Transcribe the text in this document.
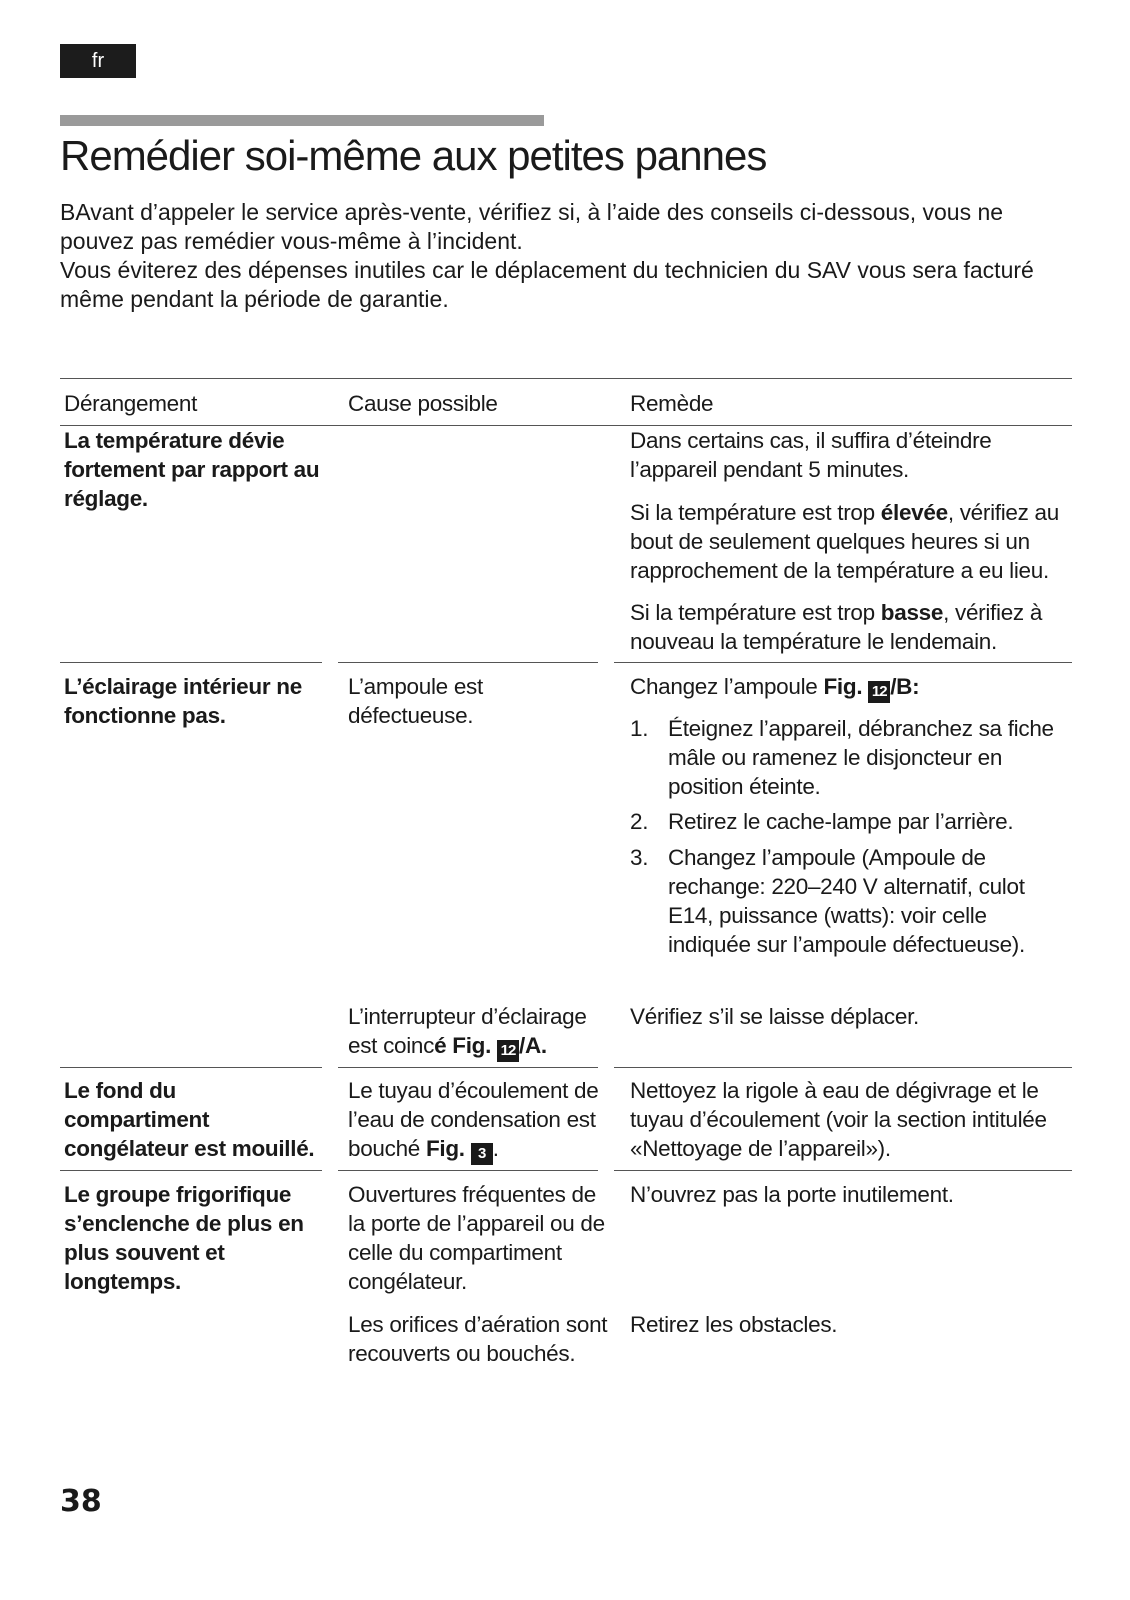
fr
Remédier soi-même aux petites pannes

BAvant d’appeler le service après-vente, vérifiez si, à l’aide des conseils ci-dessous, vous ne pouvez pas remédier vous-même à l’incident.

Vous éviterez des dépenses inutiles car le déplacement du technicien du SAV vous sera facturé même pendant la période de garantie.

Dérangement	Cause possible	Remède
La température dévie fortement par rapport au réglage.
Dans certains cas, il suffira d’éteindre l’appareil pendant 5 minutes.
Si la température est trop élevée, vérifiez au bout de seulement quelques heures si un rapprochement de la température a eu lieu.
Si la température est trop basse, vérifiez à nouveau la température le lendemain.
L’éclairage intérieur ne fonctionne pas.
L’ampoule est défectueuse.
Changez l’ampoule Fig. 12 /B:
1. Éteignez l’appareil, débranchez sa fiche mâle ou ramenez le disjoncteur en position éteinte.
2. Retirez le cache-lampe par l’arrière.
3. Changez l’ampoule (Ampoule de rechange: 220–240 V alternatif, culot E14, puissance (watts): voir celle indiquée sur l’ampoule défectueuse).
L’interrupteur d’éclairage est coincé Fig. 12 /A.
Vérifiez s’il se laisse déplacer.
Le fond du compartiment congélateur est mouillé.
Le tuyau d’écoulement de l’eau de condensation est bouché Fig. 3 .
Nettoyez la rigole à eau de dégivrage et le tuyau d’écoulement (voir la section intitulée «Nettoyage de l’appareil»).
Le groupe frigorifique s’enclenche de plus en plus souvent et longtemps.
Ouvertures fréquentes de la porte de l’appareil ou de celle du compartiment congélateur.
N’ouvrez pas la porte inutilement.
Les orifices d’aération sont recouverts ou bouchés.
Retirez les obstacles.
38
